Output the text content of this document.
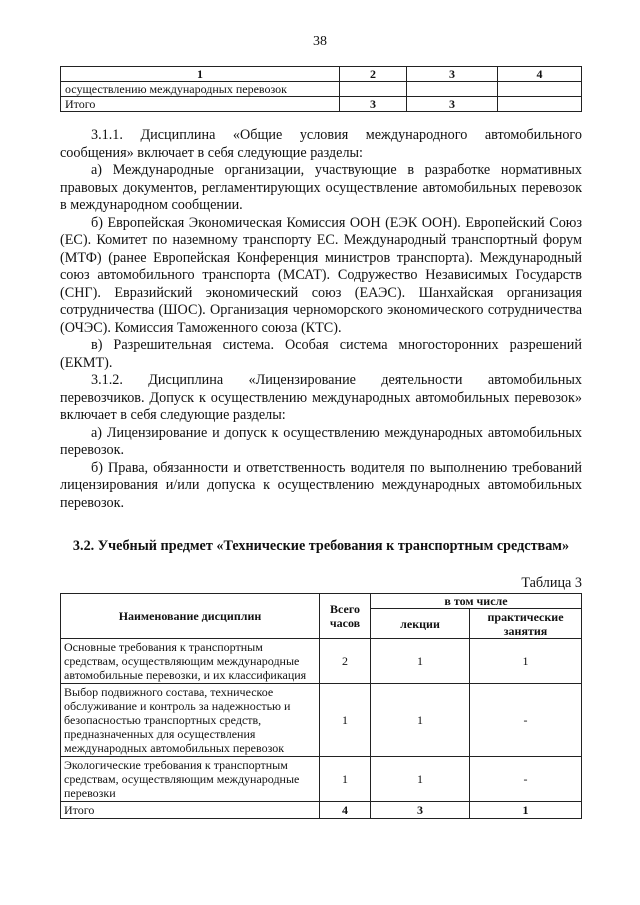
38
1	2	3	4
осуществлению международных перевозок			
Итого	3	3	

3.1.1. Дисциплина «Общие условия международного автомобильного сообщения» включает в себя следующие разделы:

а) Международные организации, участвующие в разработке нормативных правовых документов, регламентирующих осуществление автомобильных перевозок в международном сообщении.

б) Европейская Экономическая Комиссия ООН (ЕЭК ООН). Европейский Союз (ЕС). Комитет по наземному транспорту ЕС. Международный транспортный форум (МТФ) (ранее Европейская Конференция министров транспорта). Международный союз автомобильного транспорта (МСАТ). Содружество Независимых Государств (СНГ). Евразийский экономический союз (ЕАЭС). Шанхайская организация сотрудничества (ШОС). Организация черноморского экономического сотрудничества (ОЧЭС). Комиссия Таможенного союза (КТС).

в) Разрешительная система. Особая система многосторонних разрешений (ЕКМТ).

3.1.2. Дисциплина «Лицензирование деятельности автомобильных перевозчиков. Допуск к осуществлению международных автомобильных перевозок» включает в себя следующие разделы:

а) Лицензирование и допуск к осуществлению международных автомобильных перевозок.

б) Права, обязанности и ответственность водителя по выполнению требований лицензирования и/или допуска к осуществлению международных автомобильных перевозок.

3.2. Учебный предмет «Технические требования к транспортным средствам»
Таблица 3
Наименование дисциплин	Всего часов	в том числе	
		лекции	практические занятия
Основные требования к транспортным средствам, осуществляющим международные автомобильные перевозки, и их классификация	2	1	1
Выбор подвижного состава, техническое обслуживание и контроль за надежностью и безопасностью транспортных средств, предназначенных для осуществления международных автомобильных перевозок	1	1	-
Экологические требования к транспортным средствам, осуществляющим международные перевозки	1	1	-
Итого	4	3	1
